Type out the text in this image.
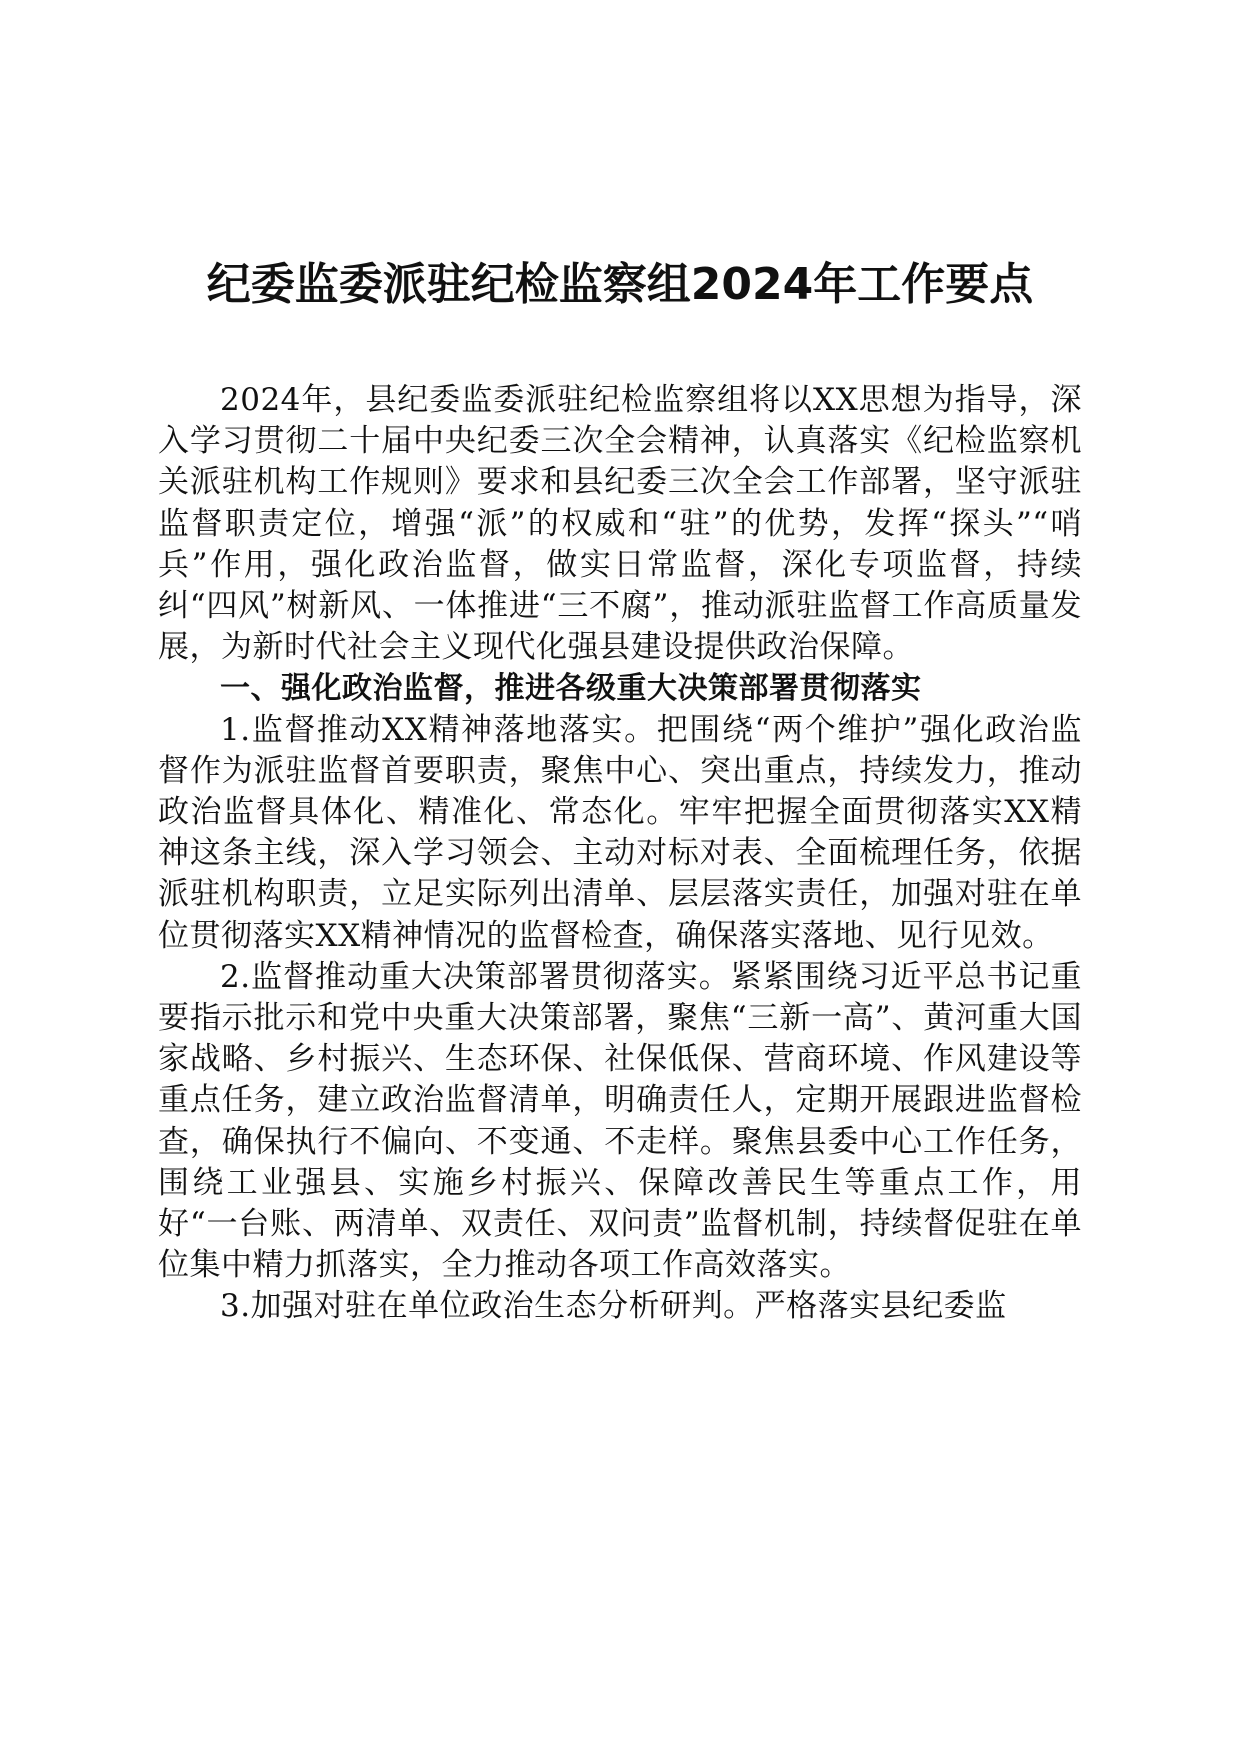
纪委监委派驻纪检监察组2024年工作要点

2024年，县纪委监委派驻纪检监察组将以XX思想为指导，深入学习贯彻二十届中央纪委三次全会精神，认真落实《纪检监察机关派驻机构工作规则》要求和县纪委三次全会工作部署，坚守派驻监督职责定位，增强“派”的权威和“驻”的优势，发挥“探头”“哨兵”作用，强化政治监督，做实日常监督，深化专项监督，持续纠“四风”树新风、一体推进“三不腐”，推动派驻监督工作高质量发展，为新时代社会主义现代化强县建设提供政治保障。

一、强化政治监督，推进各级重大决策部署贯彻落实

1.监督推动XX精神落地落实。把围绕“两个维护”强化政治监督作为派驻监督首要职责，聚焦中心、突出重点，持续发力，推动政治监督具体化、精准化、常态化。牢牢把握全面贯彻落实XX精神这条主线，深入学习领会、主动对标对表、全面梳理任务，依据派驻机构职责，立足实际列出清单、层层落实责任，加强对驻在单位贯彻落实XX精神情况的监督检查，确保落实落地、见行见效。

2.监督推动重大决策部署贯彻落实。紧紧围绕习近平总书记重要指示批示和党中央重大决策部署，聚焦“三新一高”、黄河重大国家战略、乡村振兴、生态环保、社保低保、营商环境、作风建设等重点任务，建立政治监督清单，明确责任人，定期开展跟进监督检查，确保执行不偏向、不变通、不走样。聚焦县委中心工作任务，围绕工业强县、实施乡村振兴、保障改善民生等重点工作，用好“一台账、两清单、双责任、双问责”监督机制，持续督促驻在单位集中精力抓落实，全力推动各项工作高效落实。

3.加强对驻在单位政治生态分析研判。严格落实县纪委监
